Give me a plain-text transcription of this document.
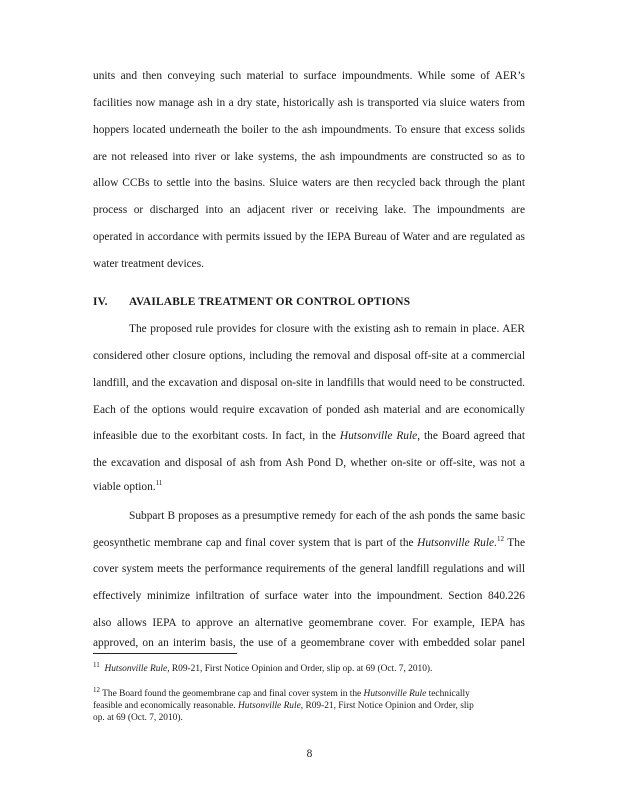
units and then conveying such material to surface impoundments. While some of AER’s
facilities now manage ash in a dry state, historically ash is transported via sluice waters from
hoppers located underneath the boiler to the ash impoundments. To ensure that excess solids
are not released into river or lake systems, the ash impoundments are constructed so as to
allow CCBs to settle into the basins. Sluice waters are then recycled back through the plant
process or discharged into an adjacent river or receiving lake. The impoundments are
operated in accordance with permits issued by the IEPA Bureau of Water and are regulated as
water treatment devices.
IV. AVAILABLE TREATMENT OR CONTROL OPTIONS
The proposed rule provides for closure with the existing ash to remain in place. AER
considered other closure options, including the removal and disposal off-site at a commercial
landfill, and the excavation and disposal on-site in landfills that would need to be constructed.
Each of the options would require excavation of ponded ash material and are economically
infeasible due to the exorbitant costs. In fact, in the Hutsonville Rule, the Board agreed that
the excavation and disposal of ash from Ash Pond D, whether on-site or off-site, was not a
viable option.$^{11}$
Subpart B proposes as a presumptive remedy for each of the ash ponds the same basic
geosynthetic membrane cap and final cover system that is part of the Hutsonville Rule.$^{12}$ The
cover system meets the performance requirements of the general landfill regulations and will
effectively minimize infiltration of surface water into the impoundment. Section 840.226
also allows IEPA to approve an alternative geomembrane cover. For example, IEPA has
approved, on an interim basis, the use of a geomembrane cover with embedded solar panel
$^{11}$ Hutsonville Rule, R09-21, First Notice Opinion and Order, slip op. at 69 (Oct. 7, 2010).
$^{12}$ The Board found the geomembrane cap and final cover system in the Hutsonville Rule technically
feasible and economically reasonable. Hutsonville Rule, R09-21, First Notice Opinion and Order, slip
op. at 69 (Oct. 7, 2010).
8
